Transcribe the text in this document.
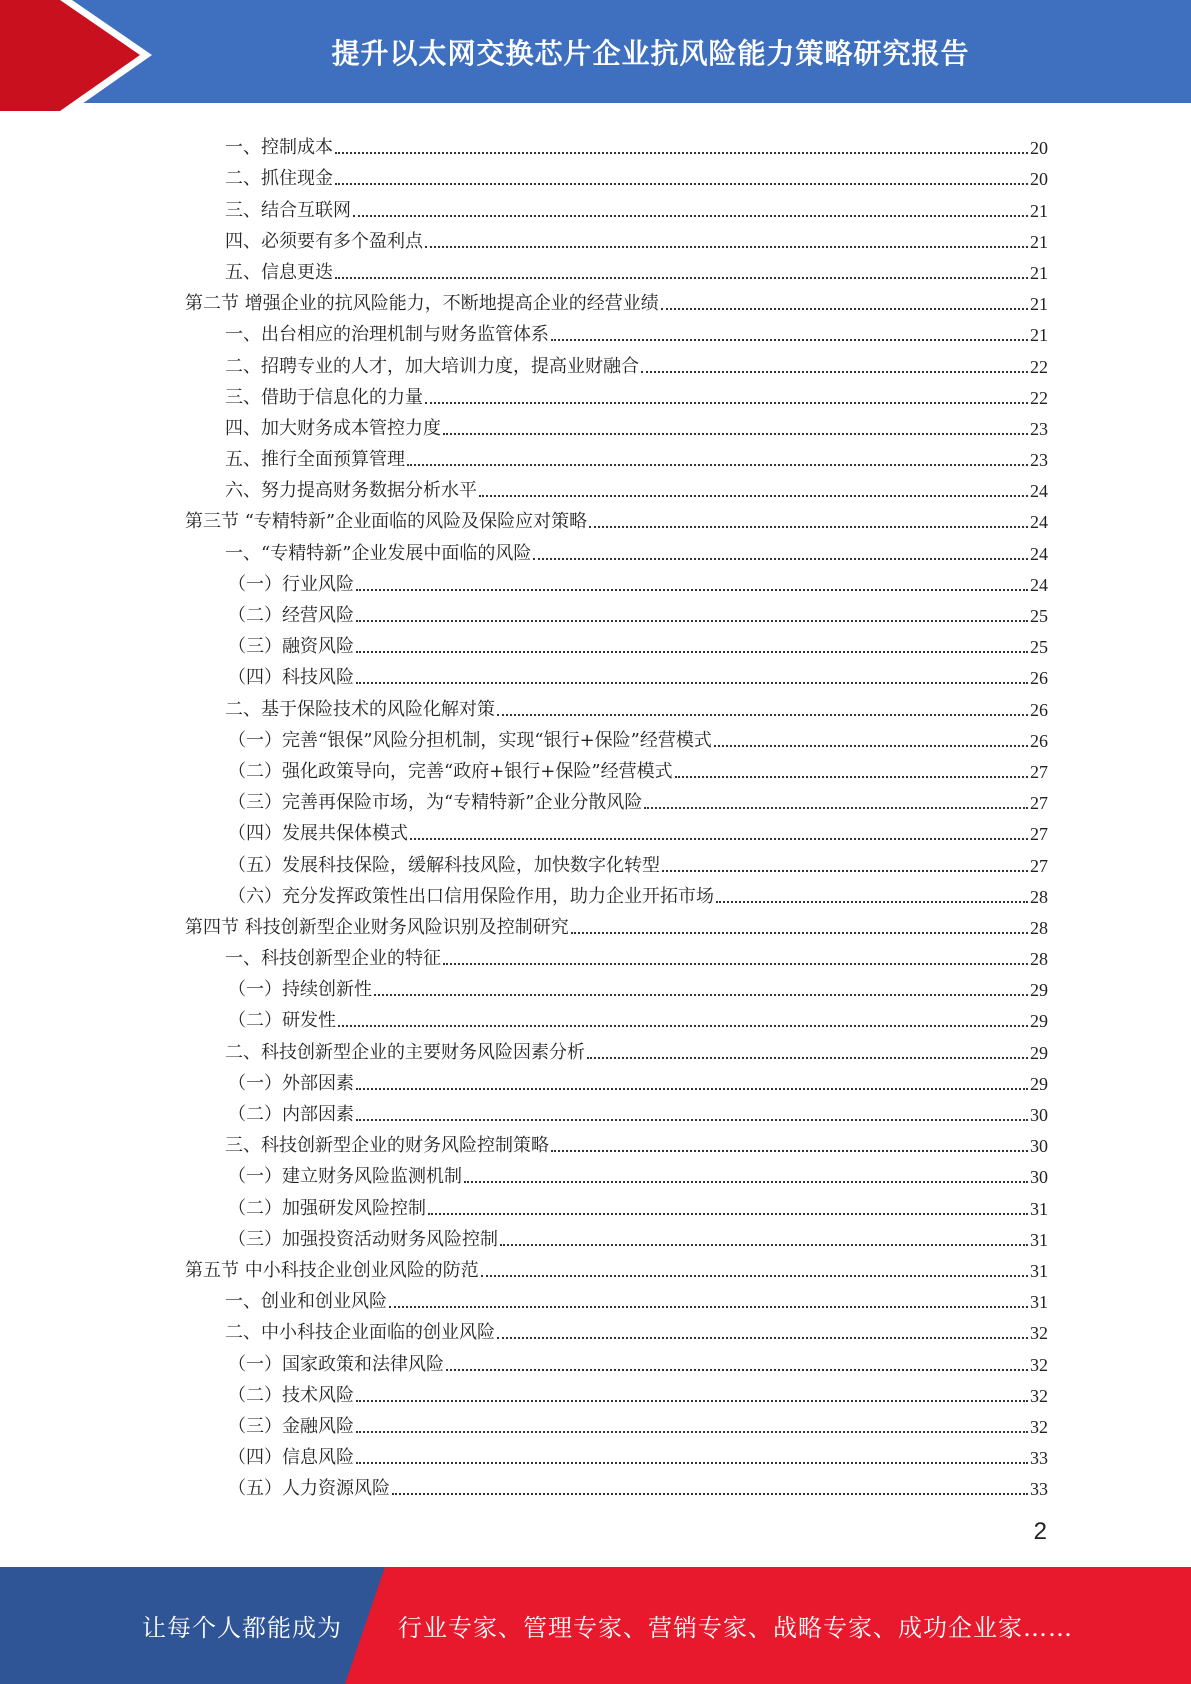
提升以太网交换芯片企业抗风险能力策略研究报告
一、控制成本	20
二、抓住现金	20
三、结合互联网	21
四、必须要有多个盈利点	21
五、信息更迭	21
第二节 增强企业的抗风险能力，不断地提高企业的经营业绩	21
一、出台相应的治理机制与财务监管体系	21
二、招聘专业的人才，加大培训力度，提高业财融合	22
三、借助于信息化的力量	22
四、加大财务成本管控力度	23
五、推行全面预算管理	23
六、努力提高财务数据分析水平	24
第三节 “专精特新”企业面临的风险及保险应对策略	24
一、“专精特新”企业发展中面临的风险	24
（一）行业风险	24
（二）经营风险	25
（三）融资风险	25
（四）科技风险	26
二、基于保险技术的风险化解对策	26
（一）完善“银保”风险分担机制，实现“银行+保险”经营模式	26
（二）强化政策导向，完善“政府+银行+保险”经营模式	27
（三）完善再保险市场，为“专精特新”企业分散风险	27
（四）发展共保体模式	27
（五）发展科技保险，缓解科技风险，加快数字化转型	27
（六）充分发挥政策性出口信用保险作用，助力企业开拓市场	28
第四节 科技创新型企业财务风险识别及控制研究	28
一、科技创新型企业的特征	28
（一）持续创新性	29
（二）研发性	29
二、科技创新型企业的主要财务风险因素分析	29
（一）外部因素	29
（二）内部因素	30
三、科技创新型企业的财务风险控制策略	30
（一）建立财务风险监测机制	30
（二）加强研发风险控制	31
（三）加强投资活动财务风险控制	31
第五节 中小科技企业创业风险的防范	31
一、创业和创业风险	31
二、中小科技企业面临的创业风险	32
（一）国家政策和法律风险	32
（二）技术风险	32
（三）金融风险	32
（四）信息风险	33
（五）人力资源风险	33
2
让每个人都能成为 行业专家、管理专家、营销专家、战略专家、成功企业家……
